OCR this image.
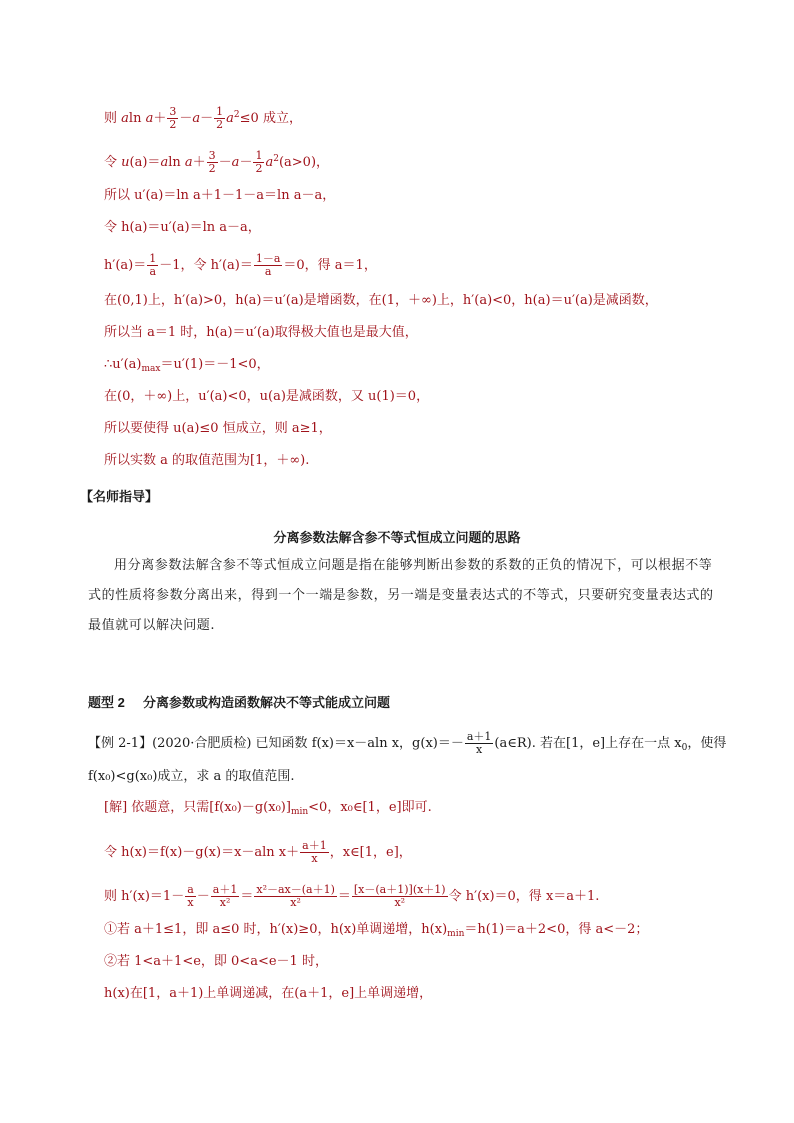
则 aln $a+ \frac{3}{2} -a- \frac{1}{2} a^2\le 0$ 成立，
令 u(a)＝aln $a+ \frac{3}{2} -a- \frac{1}{2} a^2(a>0)$，
所以 u′(a)＝ln a＋1－1－a＝ln a－a，
令 h(a)＝u′(a)＝ln a－a，
$h'(a)= \frac{1}{a} -1$，令 $h'(a)= \frac{1-a}{a} =0$，得 a＝1，
在(0,1)上，h′(a)>0，h(a)＝u′(a)是增函数，在(1，＋∞)上，h′(a)<0，h(a)＝u′(a)是减函数，
所以当 a＝1 时，h(a)＝u′(a)取得极大值也是最大值，
$\therefore u'(a)_{max}=u'(1)=-1<0$，
在(0，＋∞)上，u′(a)<0，u(a)是减函数，又 u(1)＝0，
所以要使得 u(a)≤0 恒成立，则 a≥1，
所以实数 a 的取值范围为[1，＋∞).
【名师指导】
分离参数法解含参不等式恒成立问题的思路
用分离参数法解含参不等式恒成立问题是指在能够判断出参数的系数的正负的情况下，可以根据不等式的性质将参数分离出来，得到一个一端是参数，另一端是变量表达式的不等式，只要研究变量表达式的最值就可以解决问题.
题型 2 分离参数或构造函数解决不等式能成立问题
【例 2-1】(2020·合肥质检) 已知函数 f(x)＝x－aln x，$g(x)=- \frac{a+1}{x}$ (a∈R). 若在[1，e]上存在一点 $x_0$，使得
f(x₀)<g(x₀)成立，求 a 的取值范围.
[解] 依题意，只需$[f(x_0)-g(x_0)]_{min}<0$，x₀∈[1，e]即可.
令 h(x)＝f(x)－g(x)＝x－aln $x+ \frac{a+1}{x}$ ，x∈[1，e]，
则 $h'(x)=1- \frac{a}{x} - \frac{a+1}{\text{x²}} = \frac{\text{x²－ax－(a＋1)}}{\text{x²}} = \frac{[x-(a+1)](x+1)}{\text{x²}}$ 令 h′(x)＝0，得 x＝a＋1.
①若 a＋1≤1，即 a≤0 时，h′(x)≥0，h(x)单调递增，$h(x)_{min}=h(1)=a+2<0$，得 a<－2；
②若 1<a＋1<e，即 0<a<e－1 时，
h(x)在[1，a＋1)上单调递减，在(a＋1，e]上单调递增，
